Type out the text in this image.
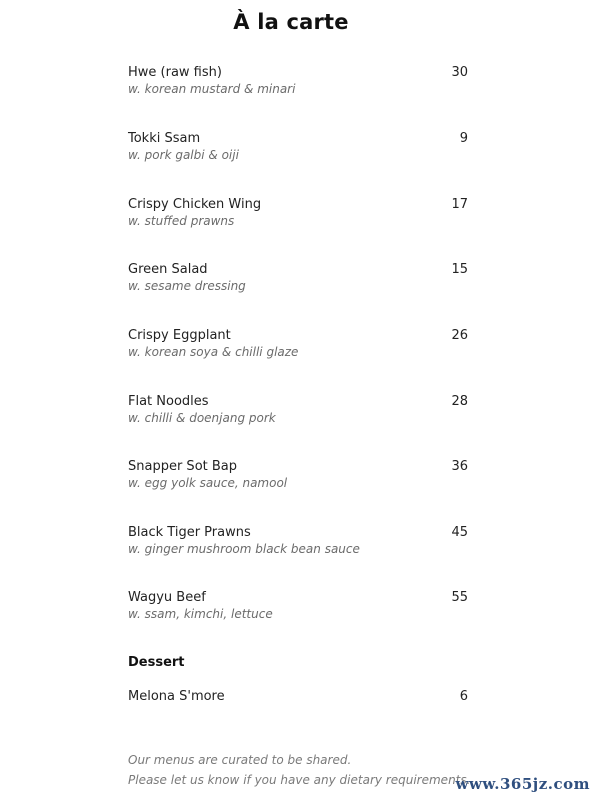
À la carte
Hwe (raw fish)
w. korean mustard & minari
30
Tokki Ssam
w. pork galbi & oiji
9
Crispy Chicken Wing
w. stuffed prawns
17
Green Salad
w. sesame dressing
15
Crispy Eggplant
w. korean soya & chilli glaze
26
Flat Noodles
w. chilli & doenjang pork
28
Snapper Sot Bap
w. egg yolk sauce, namool
36
Black Tiger Prawns
w. ginger mushroom black bean sauce
45
Wagyu Beef
w. ssam, kimchi, lettuce
55
Dessert
Melona S'more	6
Our menus are curated to be shared.
Please let us know if you have any dietary requirements.
www.365jz.com
